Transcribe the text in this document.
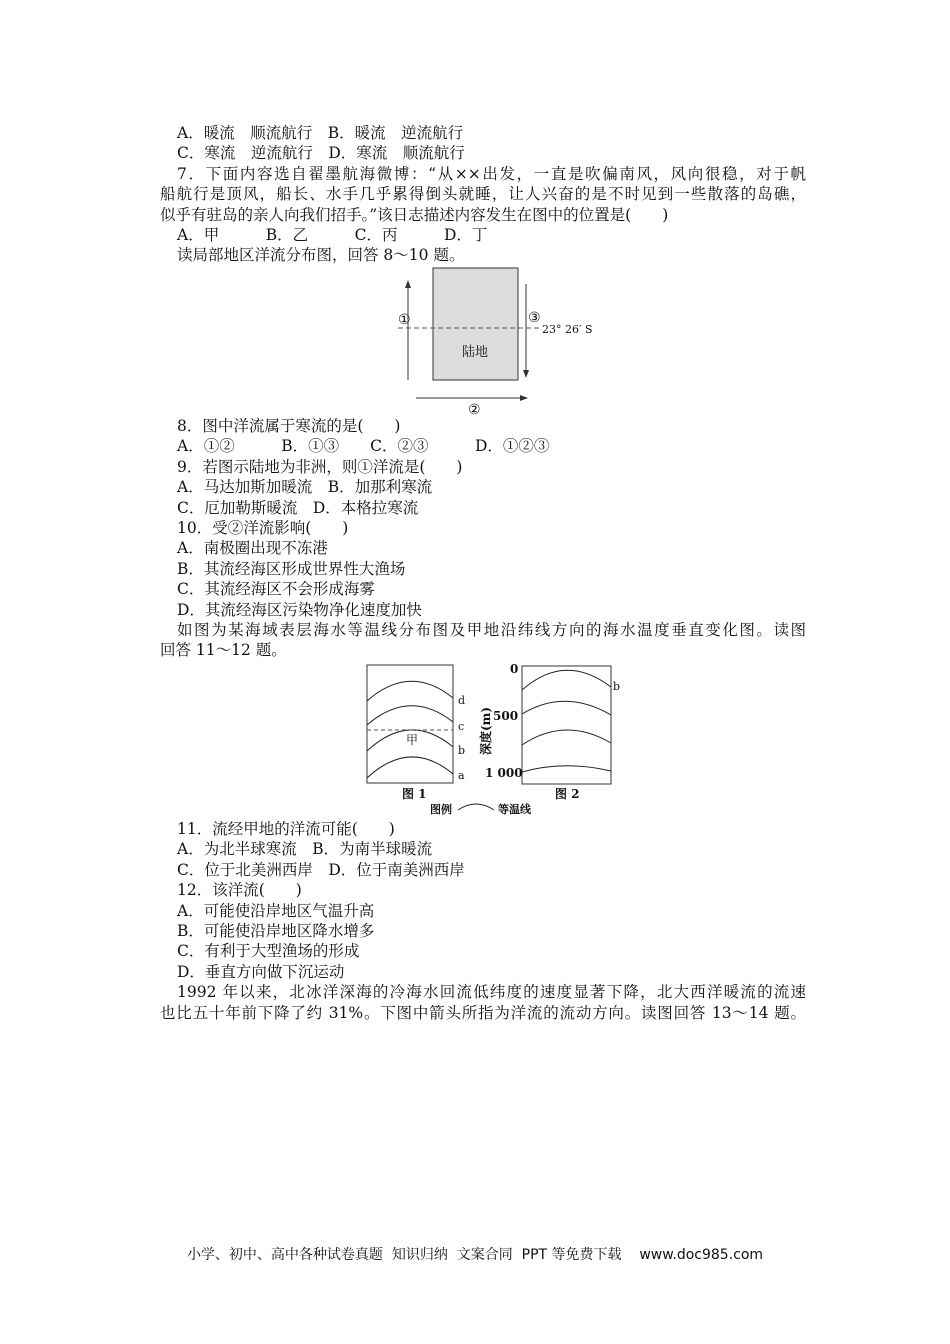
A．暖流　顺流航行　B．暖流　逆流航行
C．寒流　逆流航行　D．寒流　顺流航行
7．下面内容选自翟墨航海微博：“从××出发，一直是吹偏南风，风向很稳，对于帆
船航行是顶风，船长、水手几乎累得倒头就睡，让人兴奋的是不时见到一些散落的岛礁，
似乎有驻岛的亲人向我们招手。”该日志描述内容发生在图中的位置是(　　)
A．甲　　　B．乙　　　C．丙　　　D．丁
读局部地区洋流分布图，回答 8～10 题。
陆地
①	③
②
23° 26′ S
8．图中洋流属于寒流的是(　　)
A．①②　　　B．①③　　C．②③　　　D．①②③
9．若图示陆地为非洲，则①洋流是(　　)
A．马达加斯加暖流　B．加那利寒流
C．厄加勒斯暖流　D．本格拉寒流
10．受②洋流影响(　　)
A．南极圈出现不冻港
B．其流经海区形成世界性大渔场
C．其流经海区不会形成海雾
D．其流经海区污染物净化速度加快
如图为某海域表层海水等温线分布图及甲地沿纬线方向的海水温度垂直变化图。读图
回答 11～12 题。
甲
d
c
b
a
图 1
b
0
500
1 000
深度(m)
图 2
图例	等温线
11．流经甲地的洋流可能(　　)
A．为北半球寒流　B．为南半球暖流
C．位于北美洲西岸　D．位于南美洲西岸
12．该洋流(　　)
A．可能使沿岸地区气温升高
B．可能使沿岸地区降水增多
C．有利于大型渔场的形成
D．垂直方向做下沉运动
1992 年以来，北冰洋深海的冷海水回流低纬度的速度显著下降，北大西洋暖流的流速
也比五十年前下降了约 31%。下图中箭头所指为洋流的流动方向。读图回答 13～14 题。
小学、初中、高中各种试卷真题  知识归纳  文案合同  PPT 等免费下载    www.doc985.com
